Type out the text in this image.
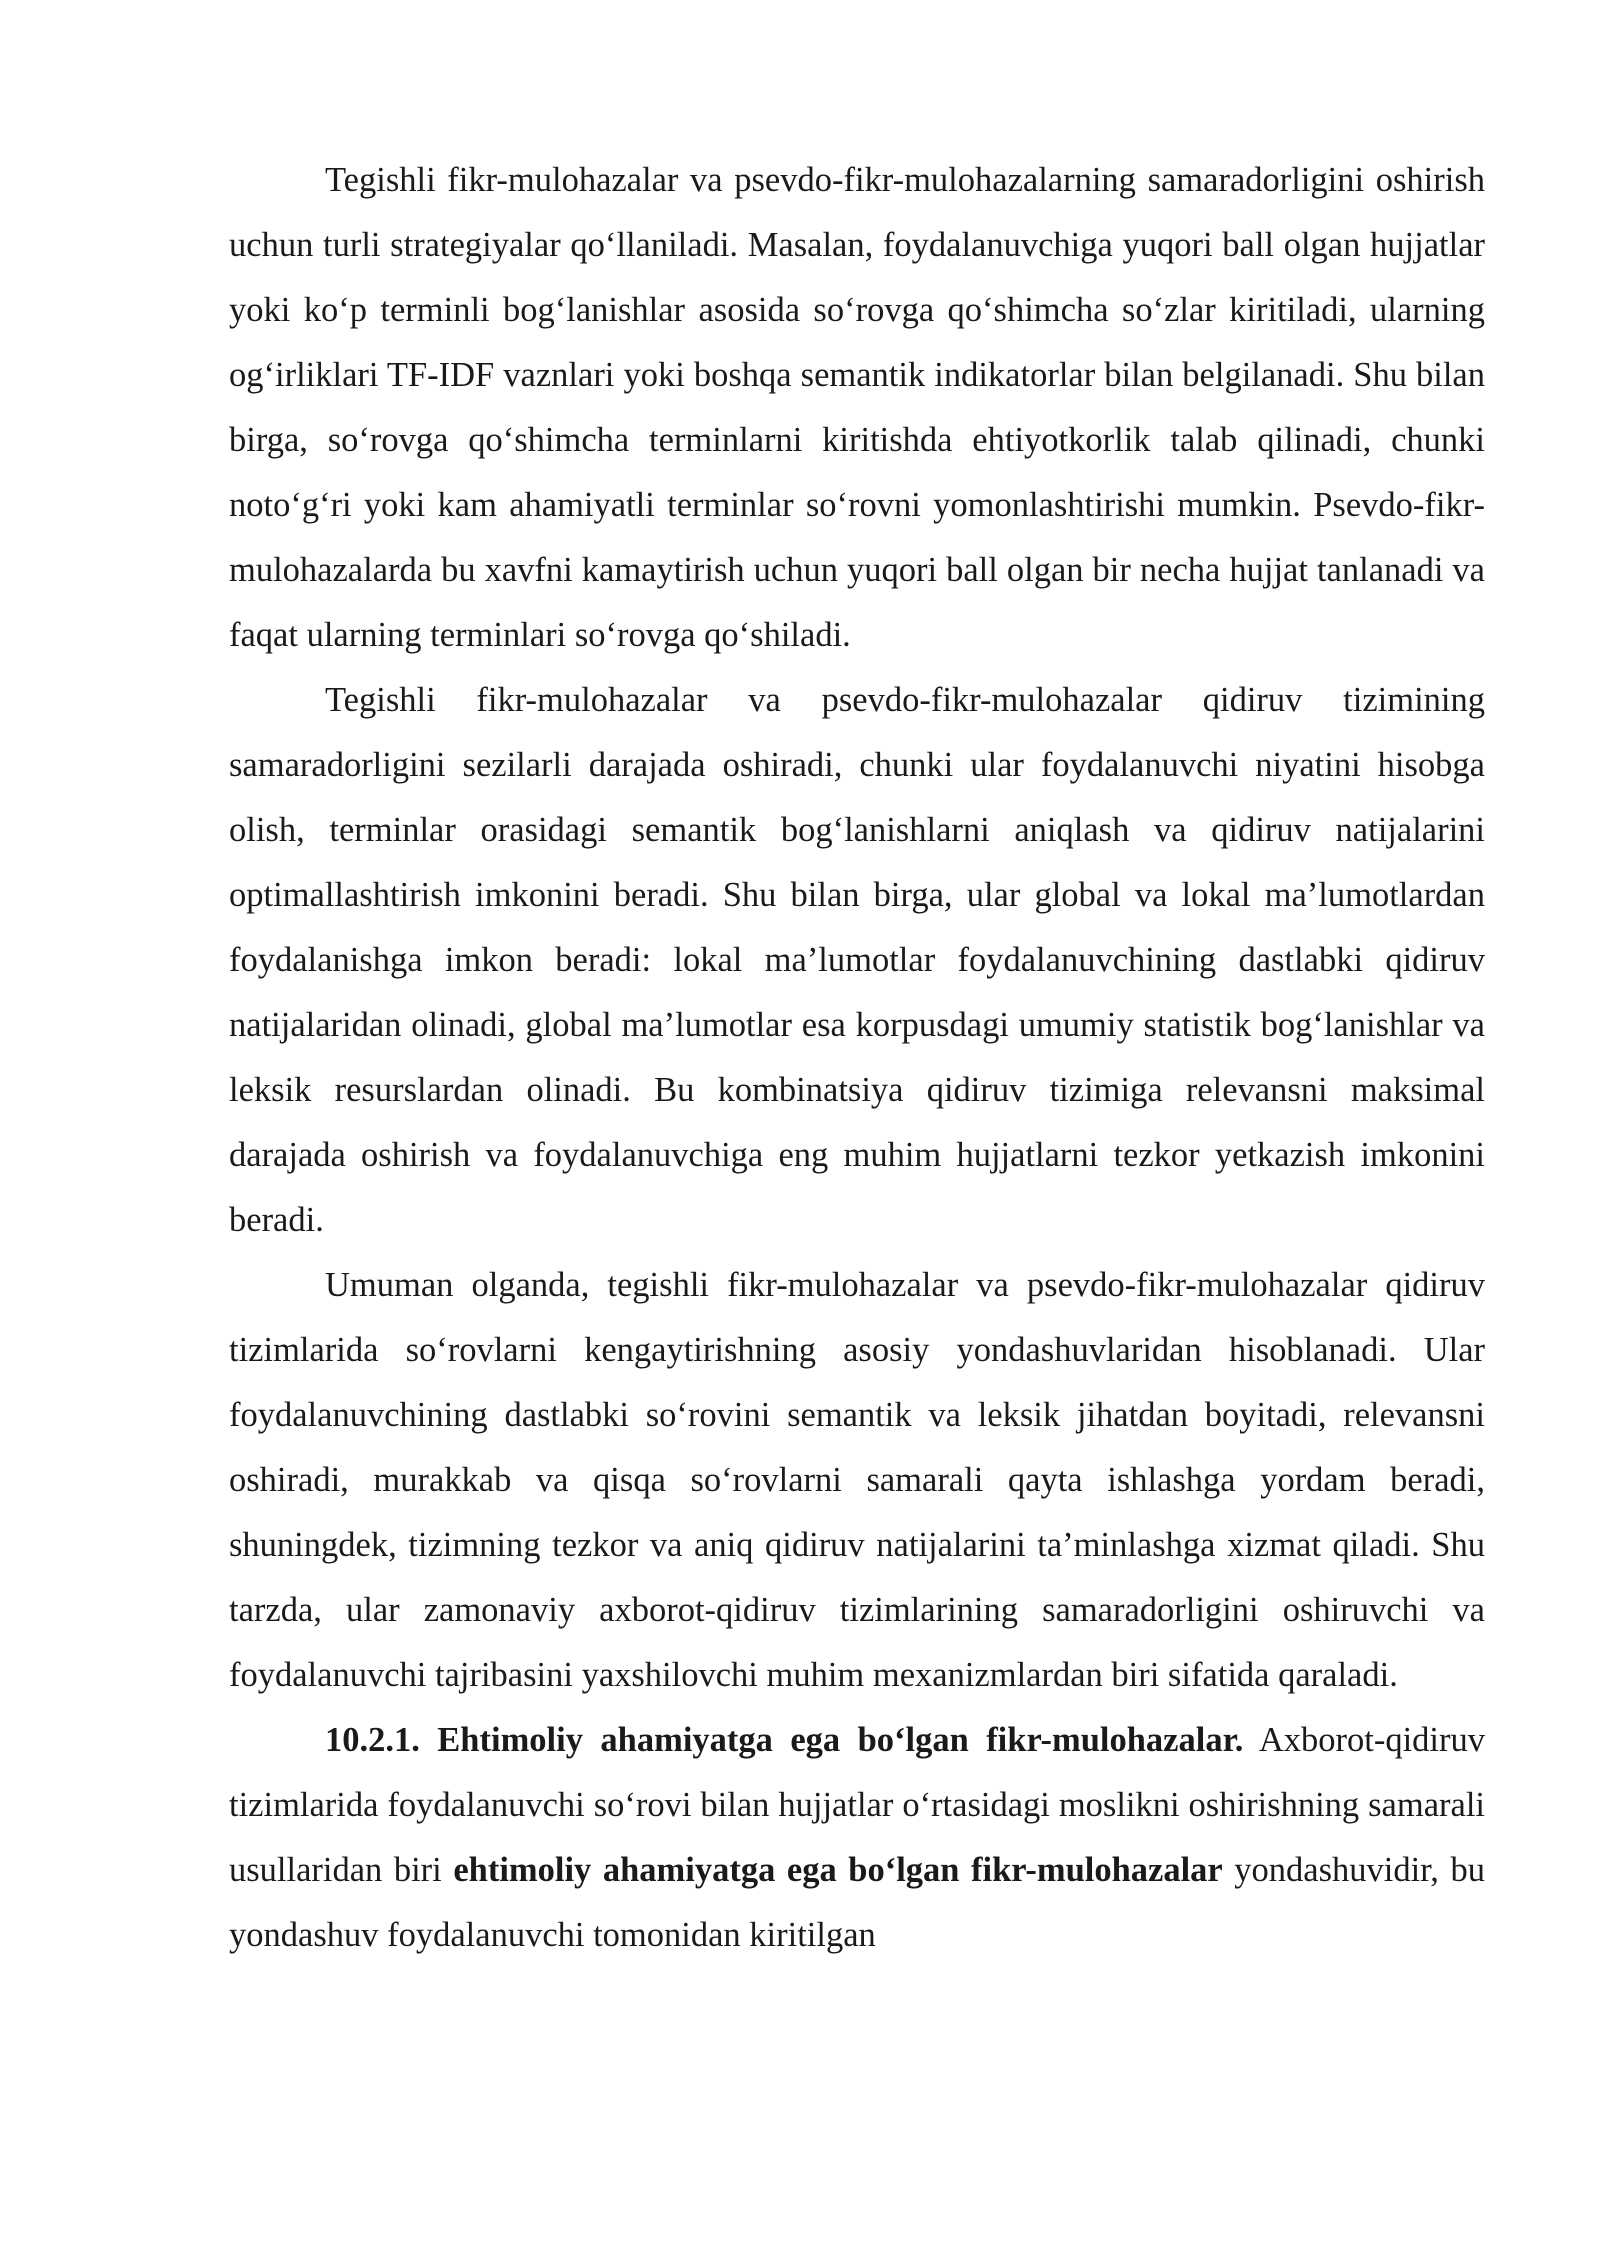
Tegishli fikr-mulohazalar va psevdo-fikr-mulohazalarning samaradorligini oshirish uchun turli strategiyalar qo‘llaniladi. Masalan, foydalanuvchiga yuqori ball olgan hujjatlar yoki ko‘p terminli bog‘lanishlar asosida so‘rovga qo‘shimcha so‘zlar kiritiladi, ularning og‘irliklari TF-IDF vaznlari yoki boshqa semantik indikatorlar bilan belgilanadi. Shu bilan birga, so‘rovga qo‘shimcha terminlarni kiritishda ehtiyotkorlik talab qilinadi, chunki noto‘g‘ri yoki kam ahamiyatli terminlar so‘rovni yomonlashtirishi mumkin. Psevdo-fikr-mulohazalarda bu xavfni kamaytirish uchun yuqori ball olgan bir necha hujjat tanlanadi va faqat ularning terminlari so‘rovga qo‘shiladi.

Tegishli fikr-mulohazalar va psevdo-fikr-mulohazalar qidiruv tizimining samaradorligini sezilarli darajada oshiradi, chunki ular foydalanuvchi niyatini hisobga olish, terminlar orasidagi semantik bog‘lanishlarni aniqlash va qidiruv natijalarini optimallashtirish imkonini beradi. Shu bilan birga, ular global va lokal ma’lumotlardan foydalanishga imkon beradi: lokal ma’lumotlar foydalanuvchining dastlabki qidiruv natijalaridan olinadi, global ma’lumotlar esa korpusdagi umumiy statistik bog‘lanishlar va leksik resurslardan olinadi. Bu kombinatsiya qidiruv tizimiga relevansni maksimal darajada oshirish va foydalanuvchiga eng muhim hujjatlarni tezkor yetkazish imkonini beradi.

Umuman olganda, tegishli fikr-mulohazalar va psevdo-fikr-mulohazalar qidiruv tizimlarida so‘rovlarni kengaytirishning asosiy yondashuvlaridan hisoblanadi. Ular foydalanuvchining dastlabki so‘rovini semantik va leksik jihatdan boyitadi, relevansni oshiradi, murakkab va qisqa so‘rovlarni samarali qayta ishlashga yordam beradi, shuningdek, tizimning tezkor va aniq qidiruv natijalarini ta’minlashga xizmat qiladi. Shu tarzda, ular zamonaviy axborot-qidiruv tizimlarining samaradorligini oshiruvchi va foydalanuvchi tajribasini yaxshilovchi muhim mexanizmlardan biri sifatida qaraladi.

10.2.1. Ehtimoliy ahamiyatga ega bo‘lgan fikr-mulohazalar. Axborot-qidiruv tizimlarida foydalanuvchi so‘rovi bilan hujjatlar o‘rtasidagi moslikni oshirishning samarali usullaridan biri ehtimoliy ahamiyatga ega bo‘lgan fikr-mulohazalar yondashuvidir, bu yondashuv foydalanuvchi tomonidan kiritilgan
